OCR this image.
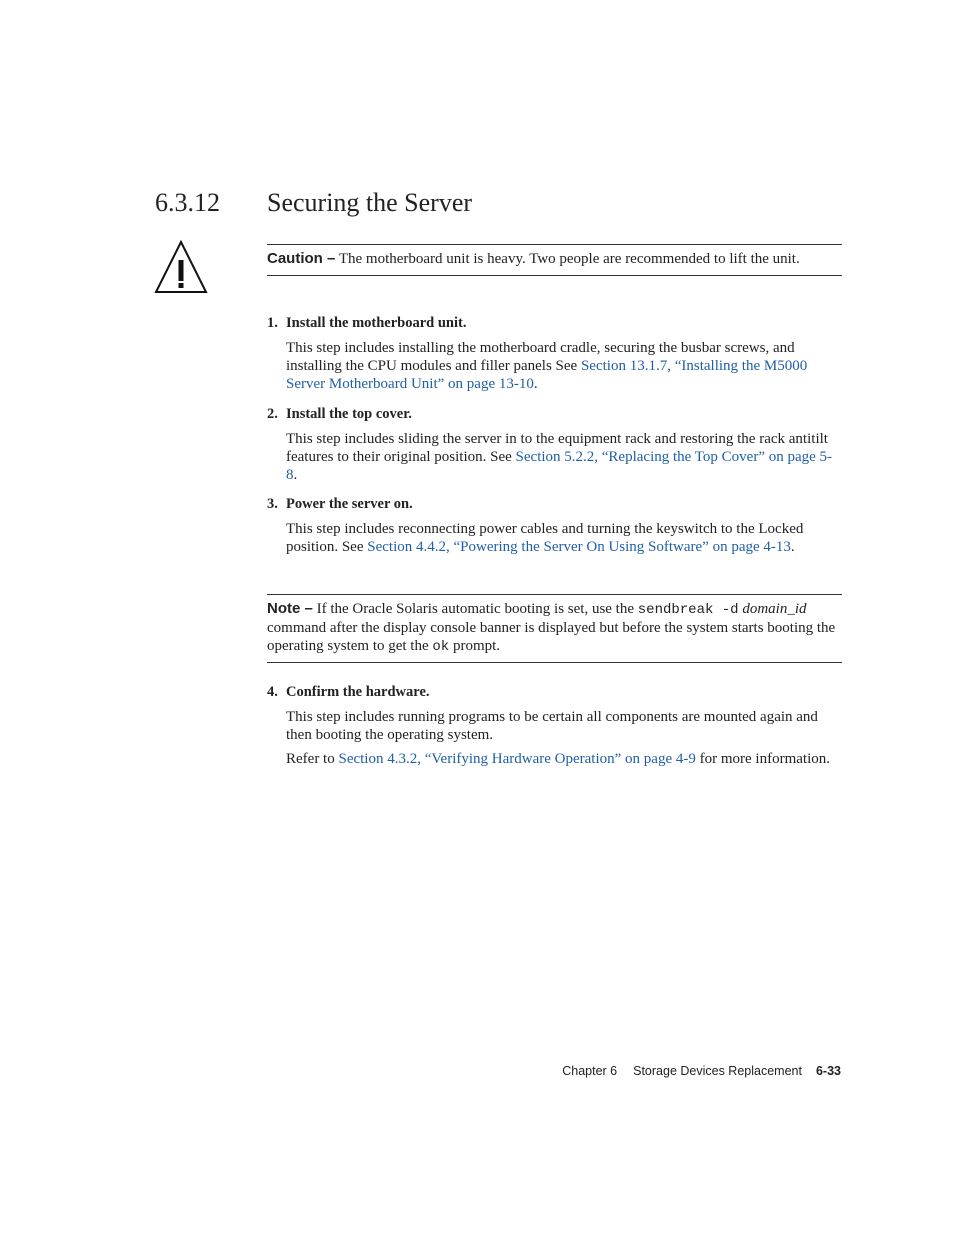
6.3.12 Securing the Server
Caution – The motherboard unit is heavy. Two people are recommended to lift the unit.
1. Install the motherboard unit.

This step includes installing the motherboard cradle, securing the busbar screws, and installing the CPU modules and filler panels See Section 13.1.7, “Installing the M5000 Server Motherboard Unit” on page 13-10.

2. Install the top cover.

This step includes sliding the server in to the equipment rack and restoring the rack antitilt features to their original position. See Section 5.2.2, “Replacing the Top Cover” on page 5-8.

3. Power the server on.

This step includes reconnecting power cables and turning the keyswitch to the Locked position. See Section 4.4.2, “Powering the Server On Using Software” on page 4-13.

Note – If the Oracle Solaris automatic booting is set, use the sendbreak -d domain_id command after the display console banner is displayed but before the system starts booting the operating system to get the ok prompt.
4. Confirm the hardware.

This step includes running programs to be certain all components are mounted again and then booting the operating system.

Refer to Section 4.3.2, “Verifying Hardware Operation” on page 4-9 for more information.

Chapter 6 Storage Devices Replacement 6-33
